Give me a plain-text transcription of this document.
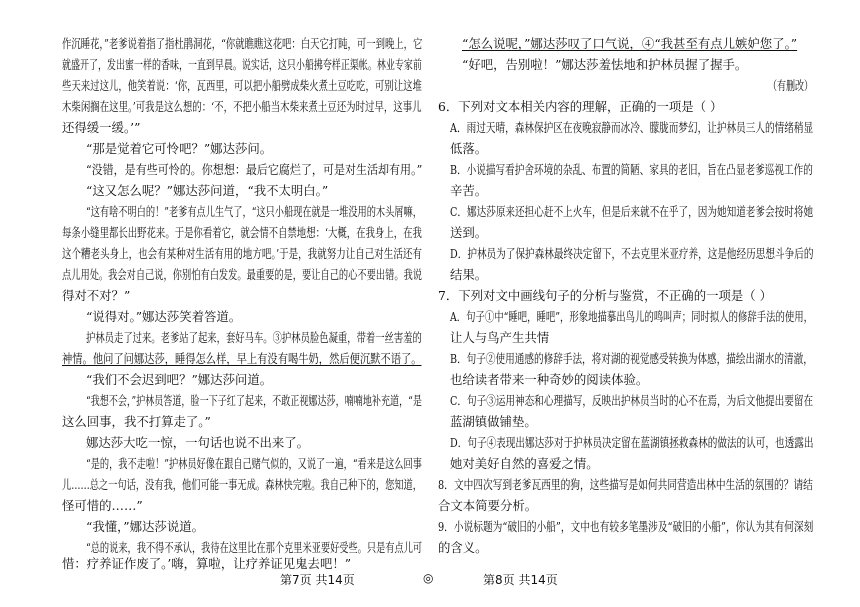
作沉睡花，”老爹说着指了指杜鹃洞花，“你就瞧瞧这花吧：白天它打盹，可一到晚上，它
就盛开了，发出蜜一样的香味，一直到早晨。说实话，这只小船拂夸样正渠帐。林业专家前
些天来过这儿，他笑着说：‘你，瓦西里，可以把小船劈成柴火煮土豆吃吃，可别让这堆
木柴闲搁在这里。’可我是这么想的：‘不，不把小船当木柴来煮土豆还为时过早，这事儿
还得缓一缓。’”
“那是觉着它可怜吧？”娜达莎问。
“没错，是有些可怜的。你想想：最后它腐烂了，可是对生活却有用。”
“这又怎么呢？”娜达莎问道，“我不太明白。”
“这有啥不明白的！”老爹有点儿生气了，“这只小船现在就是一堆没用的木头屑嘛，
每条小缝里都长出野花来。于是你看着它，就会情不自禁地想：‘大概，在我身上，在我
这个糟老头身上，也会有某种对生活有用的地方吧。’于是，我就努力让自己对生活还有
点儿用处。我会对自己说，你别怕有白发发。最重要的是，要让自己的心不要出错。我说
得对不对？”
“说得对。”娜达莎笑着答道。
护林员走了过来。老爹站了起来，套好马车。③护林员脸色凝重，带着一丝害羞的
神情。他问了问娜达莎，睡得怎么样，早上有没有喝牛奶，然后便沉默不语了。
“我们不会迟到吧？”娜达莎问道。
“我想不会，”护林员答道，脸一下子红了起来，不敢正视娜达莎，喃喃地补充道，“是
这么回事，我不打算走了。”
娜达莎大吃一惊，一句话也说不出来了。
“是的，我不走啦！”护林员好像在跟自己赌气似的，又说了一遍，“看来是这么回事
儿……总之一句话，没有我，他们可能一事无成。森林快完啦。我自己种下的，您知道，
怪可惜的……”
“我懂，”娜达莎说道。
“总的说来，我不得不承认，我待在这里比在那个克里米亚要好受些。只是有点儿可
惜：疗养证作废了。’嗨，算啦，让疗养证见鬼去吧！”
“怎么说呢，”娜达莎叹了口气说，④“我甚至有点儿嫉妒您了。”
“好吧，告别啦！”娜达莎羞怯地和护林员握了握手。
（有删改）
6．下列对文本相关内容的理解，正确的一项是（ ）
A．雨过天晴，森林保护区在夜晚寂静而冰冷、朦胧而梦幻，让护林员三人的情绪稍显
低落。
B．小说描写看护舍环境的杂乱、布置的简陋、家具的老旧，旨在凸显老爹巡视工作的
辛苦。
C．娜达莎原来还担心赶不上火车，但是后来就不在乎了，因为她知道老爹会按时将她
送到。
D．护林员为了保护森林最终决定留下，不去克里米亚疗养，这是他经历思想斗争后的
结果。
7．下列对文中画线句子的分析与鉴赏，不正确的一项是（ ）
A．句子①中“睡吧，睡吧”，形象地描摹出鸟儿的鸣叫声；同时拟人的修辞手法的使用，
让人与鸟产生共情
B．句子②使用通感的修辞手法，将对湖的视觉感受转换为体感，描绘出湖水的清澈，
也给读者带来一种奇妙的阅读体验。
C．句子③运用神态和心理描写，反映出护林员当时的心不在焉，为后文他提出要留在
蓝湖镇做铺垫。
D．句子④表现出娜达莎对于护林员决定留在蓝湖镇拯救森林的做法的认可，也透露出
她对美好自然的喜爱之情。
8．文中四次写到老爹瓦西里的狗，这些描写是如何共同营造出林中生活的氛围的？请结
合文本简要分析。
9．小说标题为“破旧的小船”，文中也有较多笔墨涉及“破旧的小船”，你认为其有何深刻
的含义。
第7页 共14页	◎	第8页 共14页
